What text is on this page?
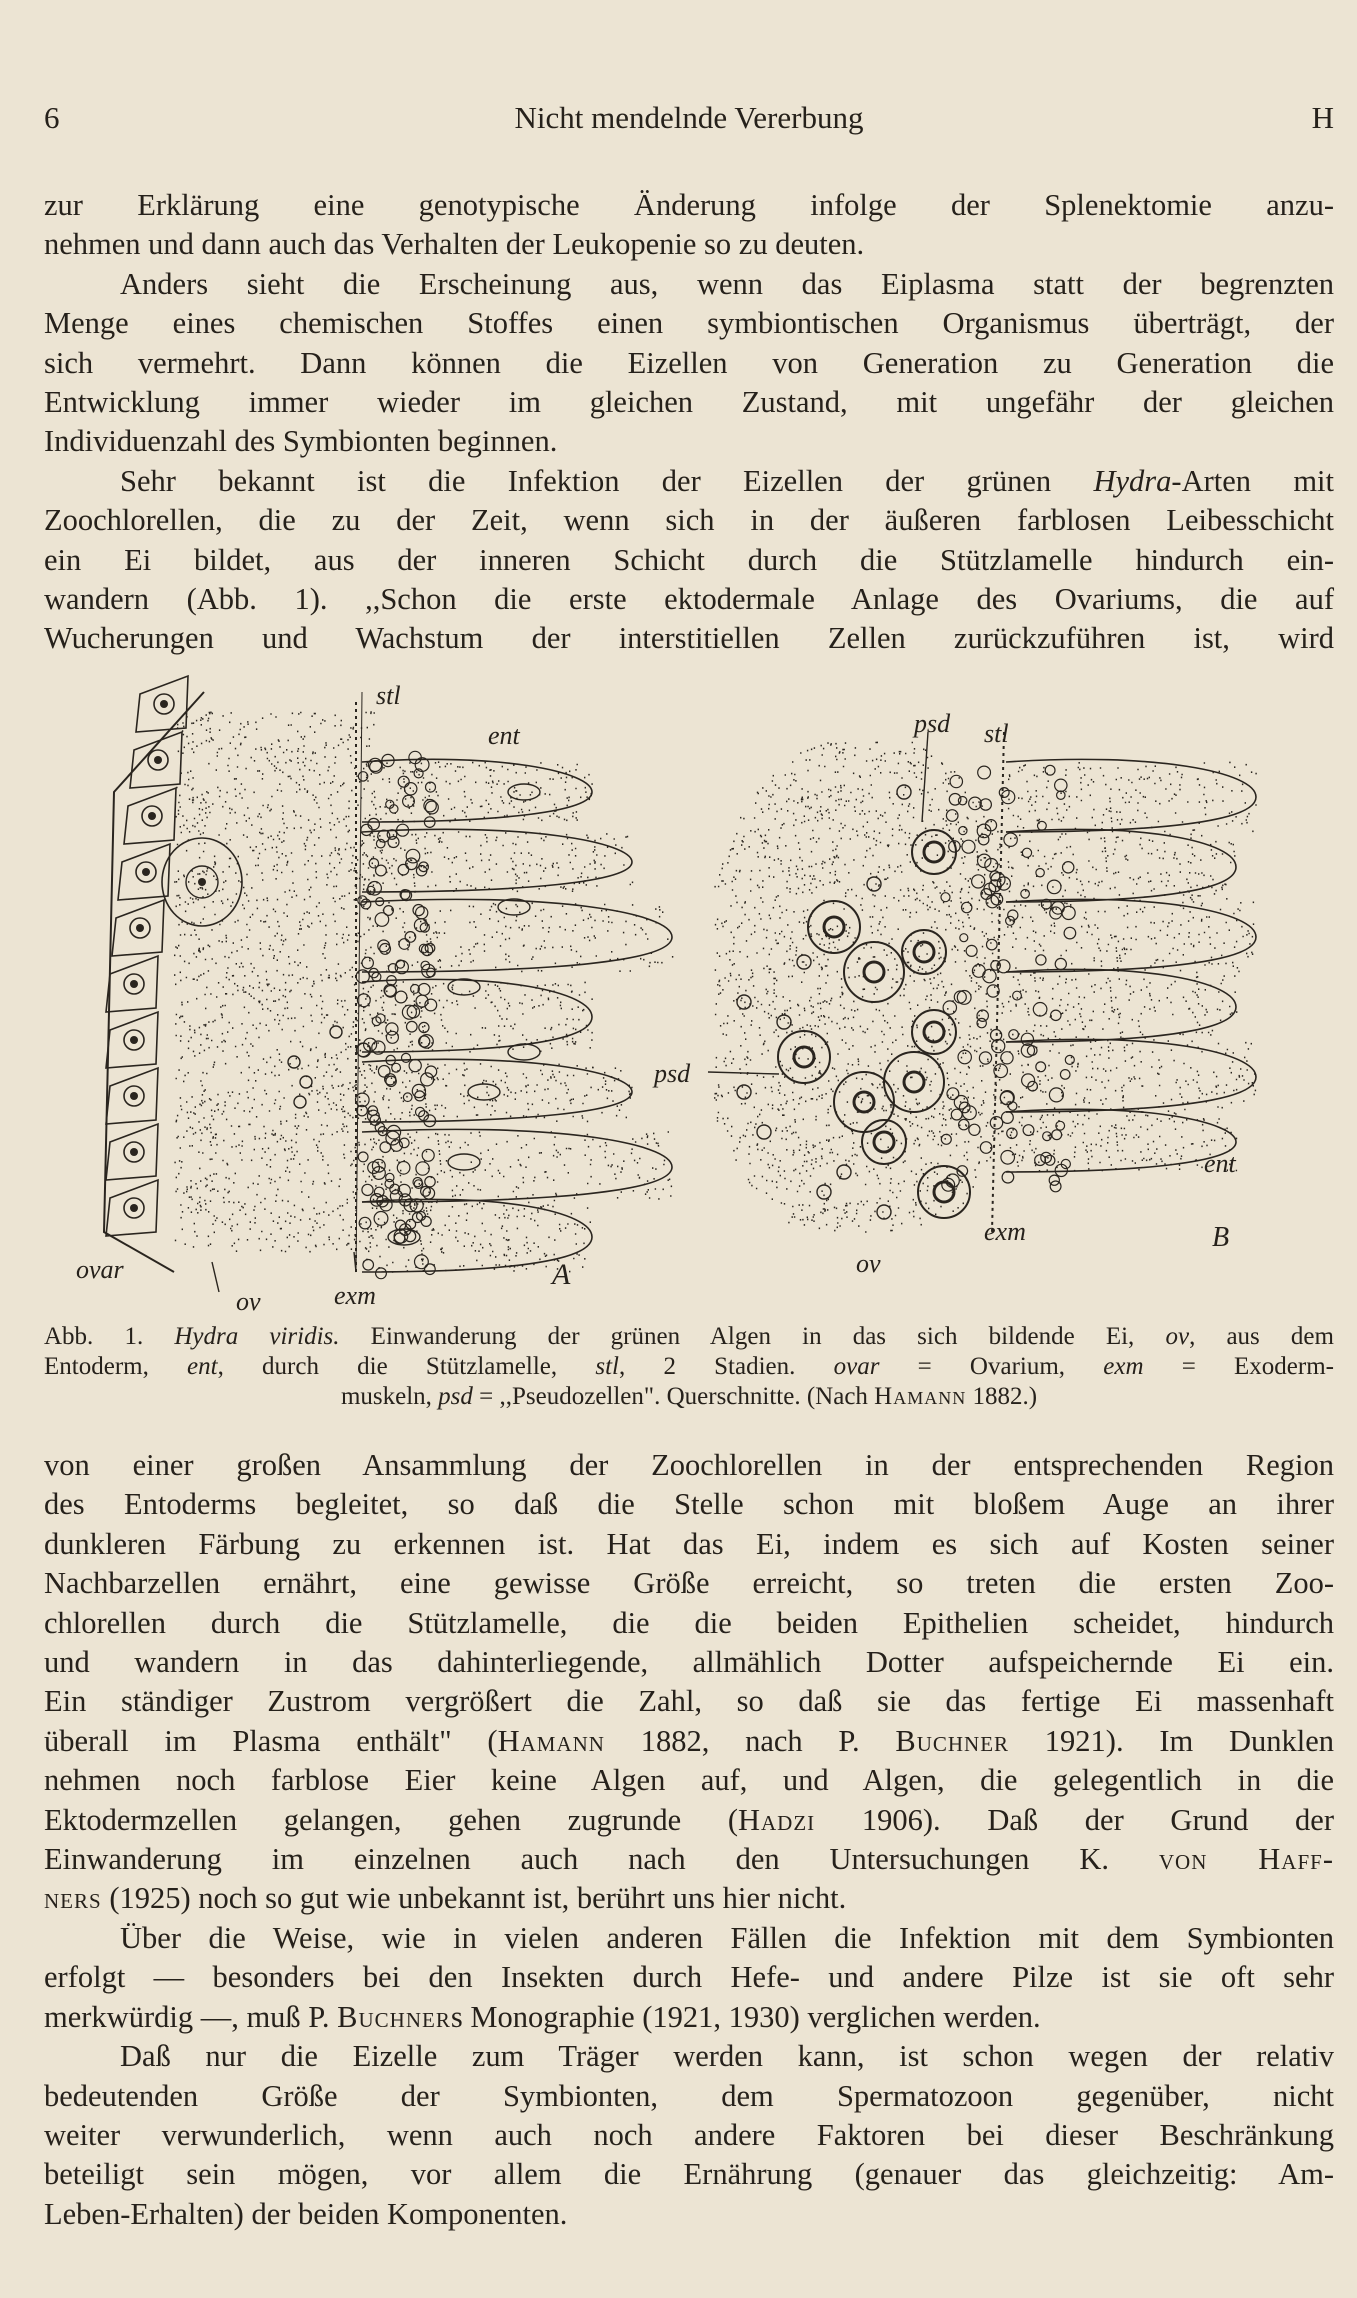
6	Nicht mendelnde Vererbung	H

zur Erklärung eine genotypische Änderung infolge der Splenektomie anzu-

nehmen und dann auch das Verhalten der Leukopenie so zu deuten.

Anders sieht die Erscheinung aus, wenn das Eiplasma statt der begrenzten

Menge eines chemischen Stoffes einen symbiontischen Organismus überträgt, der

sich vermehrt. Dann können die Eizellen von Generation zu Generation die

Entwicklung immer wieder im gleichen Zustand, mit ungefähr der gleichen

Individuenzahl des Symbionten beginnen.

Sehr bekannt ist die Infektion der Eizellen der grünen Hydra-Arten mit

Zoochlorellen, die zu der Zeit, wenn sich in der äußeren farblosen Leibesschicht

ein Ei bildet, aus der inneren Schicht durch die Stützlamelle hindurch ein-

wandern (Abb. 1). ,,Schon die erste ektodermale Anlage des Ovariums, die auf

Wucherungen und Wachstum der interstitiellen Zellen zurückzuführen ist, wird

stl
ent
ovar
ov	exm
A
psd stl
psd
ent
exm	B
ov

Abb. 1. Hydra viridis. Einwanderung der grünen Algen in das sich bildende Ei, ov, aus dem

Entoderm, ent, durch die Stützlamelle, stl, 2 Stadien. ovar = Ovarium, exm = Exoderm-

muskeln, psd = ,,Pseudozellen". Querschnitte. (Nach Hamann 1882.)

von einer großen Ansammlung der Zoochlorellen in der entsprechenden Region

des Entoderms begleitet, so daß die Stelle schon mit bloßem Auge an ihrer

dunkleren Färbung zu erkennen ist. Hat das Ei, indem es sich auf Kosten seiner

Nachbarzellen ernährt, eine gewisse Größe erreicht, so treten die ersten Zoo-

chlorellen durch die Stützlamelle, die die beiden Epithelien scheidet, hindurch

und wandern in das dahinterliegende, allmählich Dotter aufspeichernde Ei ein.

Ein ständiger Zustrom vergrößert die Zahl, so daß sie das fertige Ei massenhaft

überall im Plasma enthält" (Hamann 1882, nach P. Buchner 1921). Im Dunklen

nehmen noch farblose Eier keine Algen auf, und Algen, die gelegentlich in die

Ektodermzellen gelangen, gehen zugrunde (Hadzi 1906). Daß der Grund der

Einwanderung im einzelnen auch nach den Untersuchungen K. von Haff-

ners (1925) noch so gut wie unbekannt ist, berührt uns hier nicht.

Über die Weise, wie in vielen anderen Fällen die Infektion mit dem Symbionten

erfolgt — besonders bei den Insekten durch Hefe- und andere Pilze ist sie oft sehr

merkwürdig —, muß P. Buchners Monographie (1921, 1930) verglichen werden.

Daß nur die Eizelle zum Träger werden kann, ist schon wegen der relativ

bedeutenden Größe der Symbionten, dem Spermatozoon gegenüber, nicht

weiter verwunderlich, wenn auch noch andere Faktoren bei dieser Beschränkung

beteiligt sein mögen, vor allem die Ernährung (genauer das gleichzeitig: Am-

Leben-Erhalten) der beiden Komponenten.
